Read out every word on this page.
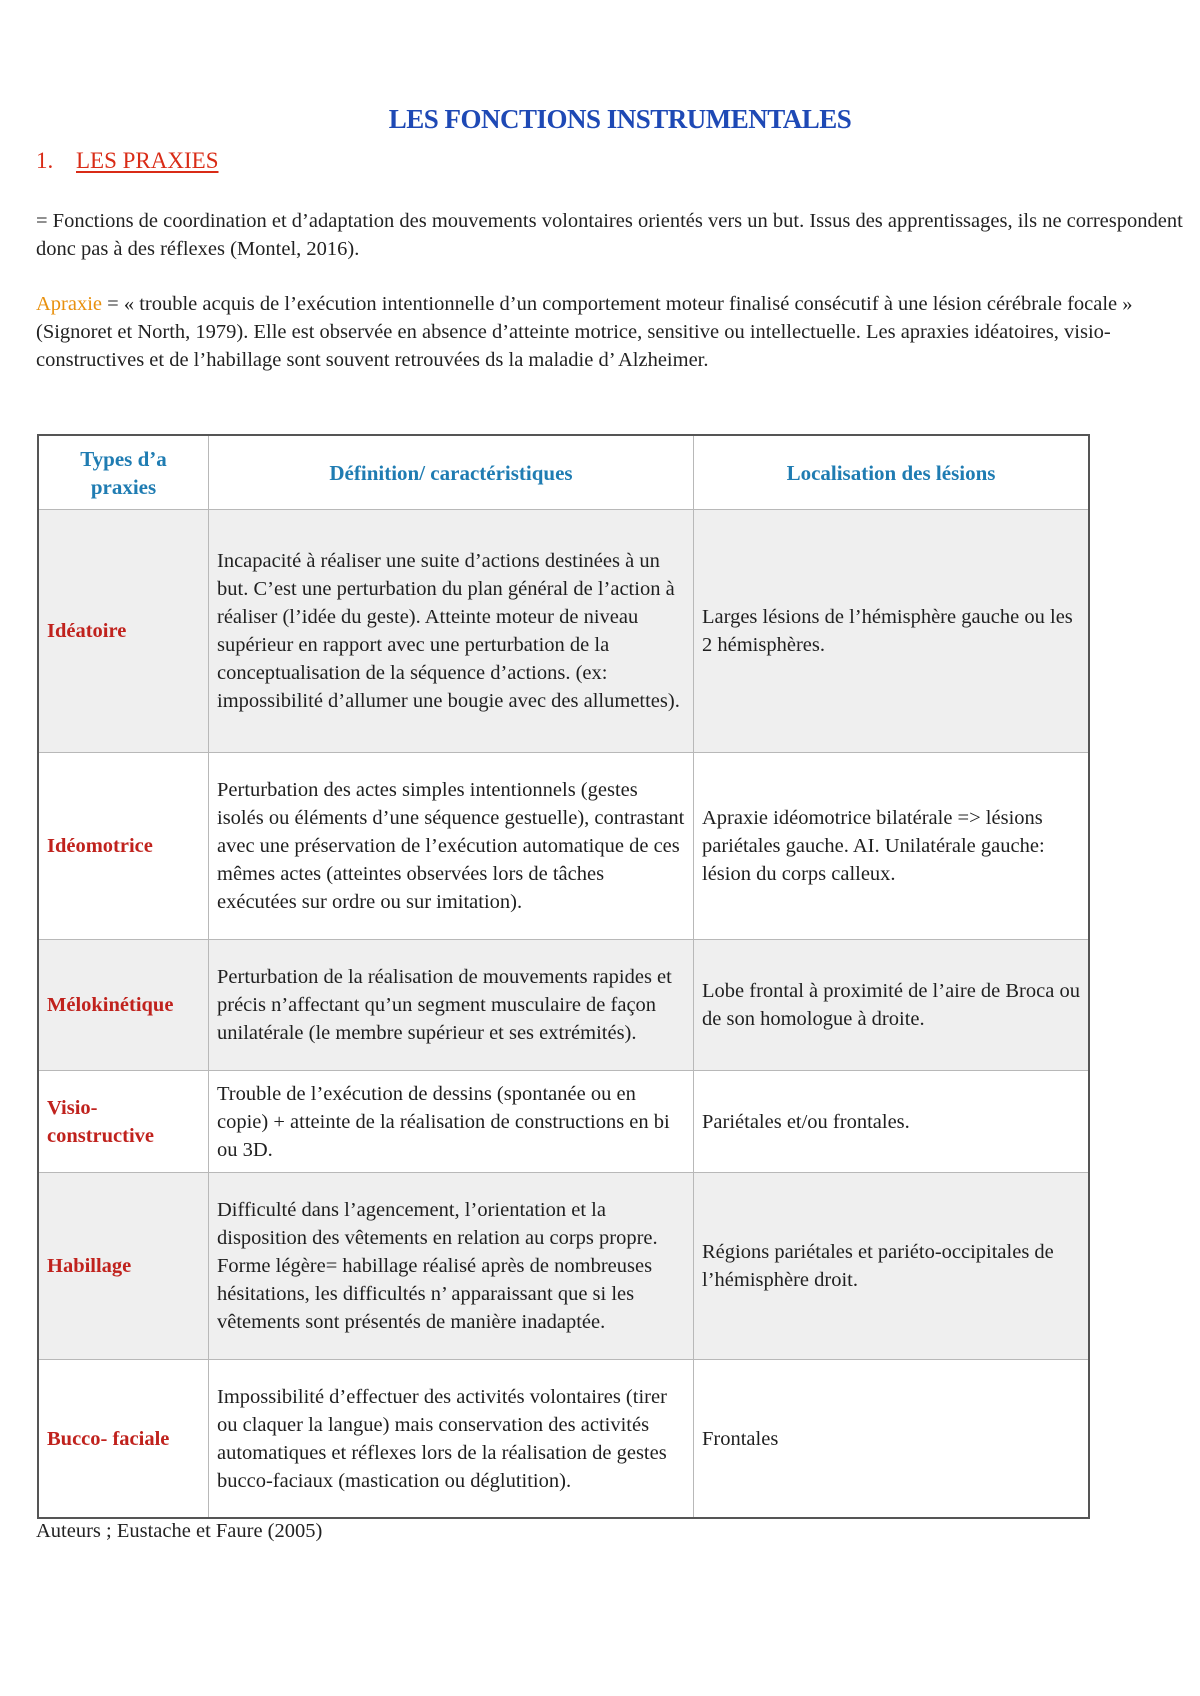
LES FONCTIONS INSTRUMENTALES
1. LES PRAXIES

= Fonctions de coordination et d’adaptation des mouvements volontaires orientés vers un but. Issus des apprentissages, ils ne correspondent donc pas à des réflexes (Montel, 2016).

Apraxie = « trouble acquis de l’exécution intentionnelle d’un comportement moteur finalisé consécutif à une lésion cérébrale focale » (Signoret et North, 1979). Elle est observée en absence d’atteinte motrice, sensitive ou intellectuelle. Les apraxies idéatoires, visio-constructives et de l’habillage sont souvent retrouvées ds la maladie d’ Alzheimer.

Types d’a praxies	Définition/ caractéristiques	Localisation des lésions
Idéatoire	Incapacité à réaliser une suite d’actions destinées à un but. C’est une perturbation du plan général de l’action à réaliser (l’idée du geste). Atteinte moteur de niveau supérieur en rapport avec une perturbation de la conceptualisation de la séquence d’actions. (ex: impossibilité d’allumer une bougie avec des allumettes).	Larges lésions de l’hémisphère gauche ou les 2 hémisphères.
Idéomotrice	Perturbation des actes simples intentionnels (gestes isolés ou éléments d’une séquence gestuelle), contrastant avec une préservation de l’exécution automatique de ces mêmes actes (atteintes observées lors de tâches exécutées sur ordre ou sur imitation).	Apraxie idéomotrice bilatérale => lésions pariétales gauche. AI. Unilatérale gauche: lésion du corps calleux.
Mélokinétique	Perturbation de la réalisation de mouvements rapides et précis n’affectant qu’un segment musculaire de façon unilatérale (le membre supérieur et ses extrémités).	Lobe frontal à proximité de l’aire de Broca ou de son homologue à droite.
Visio-constructive	Trouble de l’exécution de dessins (spontanée ou en copie) + atteinte de la réalisation de constructions en bi ou 3D.	Pariétales et/ou frontales.
Habillage	Difficulté dans l’agencement, l’orientation et la disposition des vêtements en relation au corps propre. Forme légère= habillage réalisé après de nombreuses hésitations, les difficultés n’ apparaissant que si les vêtements sont présentés de manière inadaptée.	Régions pariétales et pariéto-occipitales de l’hémisphère droit.
Bucco- faciale	Impossibilité d’effectuer des activités volontaires (tirer ou claquer la langue) mais conservation des activités automatiques et réflexes lors de la réalisation de gestes bucco-faciaux (mastication ou déglutition).	Frontales
Auteurs ; Eustache et Faure (2005)
